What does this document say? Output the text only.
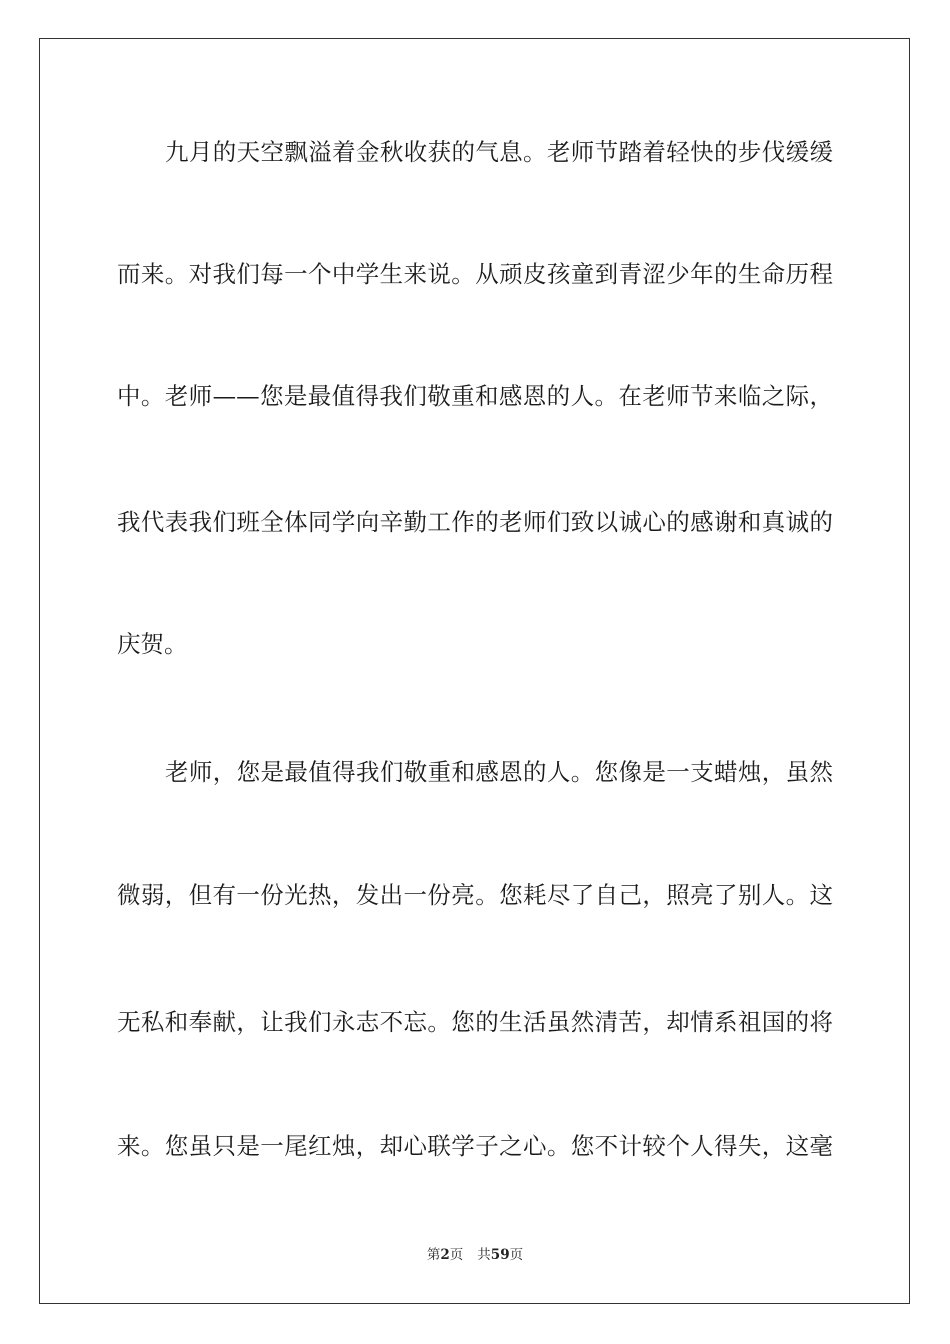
九月的天空飘溢着金秋收获的气息。老师节踏着轻快的步伐缓缓
而来。对我们每一个中学生来说。从顽皮孩童到青涩少年的生命历程
中。老师——您是最值得我们敬重和感恩的人。在老师节来临之际，
我代表我们班全体同学向辛勤工作的老师们致以诚心的感谢和真诚的
庆贺。
老师，您是最值得我们敬重和感恩的人。您像是一支蜡烛，虽然
微弱，但有一份光热，发出一份亮。您耗尽了自己，照亮了别人。这
无私和奉献，让我们永志不忘。您的生活虽然清苦，却情系祖国的将
来。您虽只是一尾红烛，却心联学子之心。您不计较个人得失，这毫
第2页 共59页
